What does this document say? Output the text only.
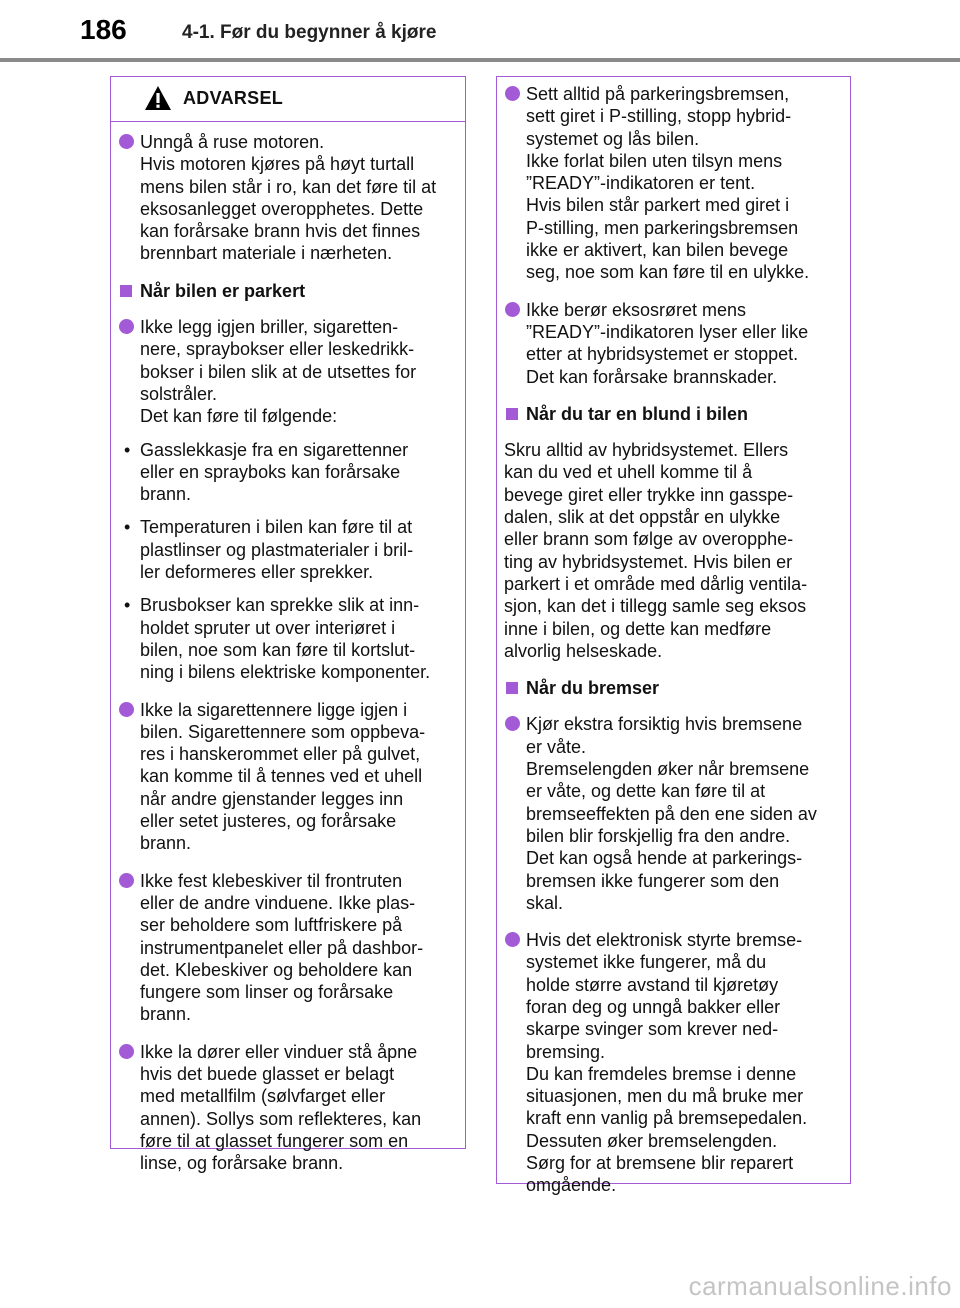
186	4-1. Før du begynner å kjøre
ADVARSEL
Unngå å ruse motoren.
Hvis motoren kjøres på høyt turtall
mens bilen står i ro, kan det føre til at
eksosanlegget overopphetes. Dette
kan forårsake brann hvis det finnes
brennbart materiale i nærheten.
Når bilen er parkert
Ikke legg igjen briller, sigaretten-
nere, spraybokser eller leskedrikk-
bokser i bilen slik at de utsettes for
solstråler.
Det kan føre til følgende:
• Gasslekkasje fra en sigarettenner
eller en sprayboks kan forårsake
brann.
• Temperaturen i bilen kan føre til at
plastlinser og plastmaterialer i bril-
ler deformeres eller sprekker.
• Brusbokser kan sprekke slik at inn-
holdet spruter ut over interiøret i
bilen, noe som kan føre til kortslut-
ning i bilens elektriske komponenter.
Ikke la sigarettennere ligge igjen i
bilen. Sigarettennere som oppbeva-
res i hanskerommet eller på gulvet,
kan komme til å tennes ved et uhell
når andre gjenstander legges inn
eller setet justeres, og forårsake
brann.
Ikke fest klebeskiver til frontruten
eller de andre vinduene. Ikke plas-
ser beholdere som luftfriskere på
instrumentpanelet eller på dashbor-
det. Klebeskiver og beholdere kan
fungere som linser og forårsake
brann.
Ikke la dører eller vinduer stå åpne
hvis det buede glasset er belagt
med metallfilm (sølvfarget eller
annen). Sollys som reflekteres, kan
føre til at glasset fungerer som en
linse, og forårsake brann.
Sett alltid på parkeringsbremsen,
sett giret i P-stilling, stopp hybrid-
systemet og lås bilen.
Ikke forlat bilen uten tilsyn mens
”READY”-indikatoren er tent.
Hvis bilen står parkert med giret i
P-stilling, men parkeringsbremsen
ikke er aktivert, kan bilen bevege
seg, noe som kan føre til en ulykke.
Ikke berør eksosrøret mens
”READY”-indikatoren lyser eller like
etter at hybridsystemet er stoppet.
Det kan forårsake brannskader.
Når du tar en blund i bilen
Skru alltid av hybridsystemet. Ellers
kan du ved et uhell komme til å
bevege giret eller trykke inn gasspe-
dalen, slik at det oppstår en ulykke
eller brann som følge av overopphe-
ting av hybridsystemet. Hvis bilen er
parkert i et område med dårlig ventila-
sjon, kan det i tillegg samle seg eksos
inne i bilen, og dette kan medføre
alvorlig helseskade.
Når du bremser
Kjør ekstra forsiktig hvis bremsene
er våte.
Bremselengden øker når bremsene
er våte, og dette kan føre til at
bremseeffekten på den ene siden av
bilen blir forskjellig fra den andre.
Det kan også hende at parkerings-
bremsen ikke fungerer som den
skal.
Hvis det elektronisk styrte bremse-
systemet ikke fungerer, må du
holde større avstand til kjøretøy
foran deg og unngå bakker eller
skarpe svinger som krever ned-
bremsing.
Du kan fremdeles bremse i denne
situasjonen, men du må bruke mer
kraft enn vanlig på bremsepedalen.
Dessuten øker bremselengden.
Sørg for at bremsene blir reparert
omgående.
carmanualsonline.info
